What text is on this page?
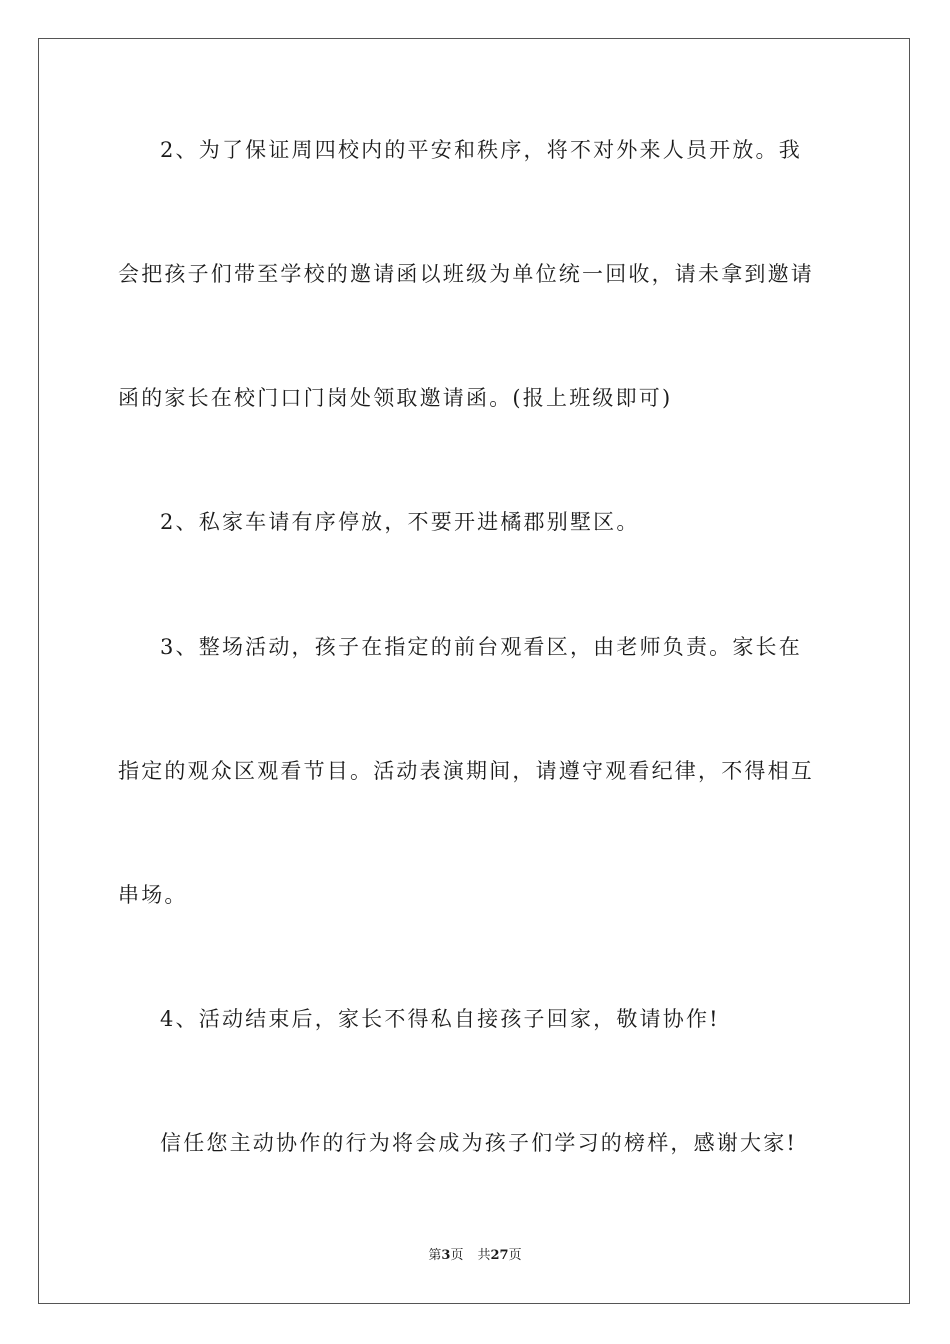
2、为了保证周四校内的平安和秩序，将不对外来人员开放。我
会把孩子们带至学校的邀请函以班级为单位统一回收，请未拿到邀请
函的家长在校门口门岗处领取邀请函。(报上班级即可)
2、私家车请有序停放，不要开进橘郡别墅区。
3、整场活动，孩子在指定的前台观看区，由老师负责。家长在
指定的观众区观看节目。活动表演期间，请遵守观看纪律，不得相互
串场。
4、活动结束后，家长不得私自接孩子回家，敬请协作!
信任您主动协作的行为将会成为孩子们学习的榜样，感谢大家!
第3页 共27页
